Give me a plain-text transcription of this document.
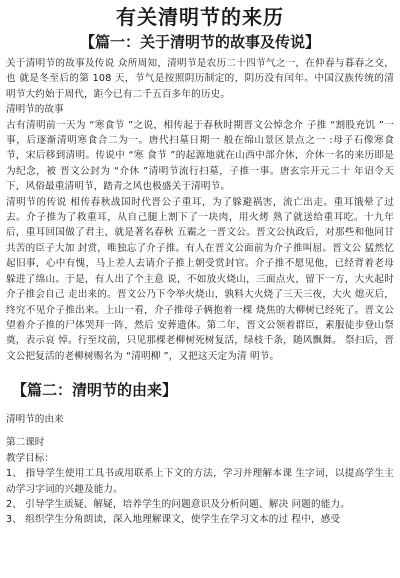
有关清明节的来历
【篇一：关于清明节的故事及传说】

关于清明节的故事及传说 众所周知，清明节是农历二十四节气之一，在仲春与暮春之交，也 就是冬至后的第 108 天，节气是按照阴历制定的，阴历没有闰年。中国汉族传统的清明节大约始于周代，距今已有二千五百多年的历史。

清明节的故事

古有清明前一天为 “寒食节 ”之说，相传起于春秋时期晋文公悼念介 子推 “割股充饥 ”一事，后逐渐清明寒食合二为一。唐代扫墓日期一 般在绵山景区景点之一 :母子石像寒食节，宋后移到清明。传说中 “寒 食节 ”的起源地就在山西中部介休，介休一名的来历即是为纪念，被 晋文公封为 “介休 ”清明节流行扫墓，子推一事。唐玄宗开元二十 年诏令天下，风俗最重清明节，踏青之风也极盛关于清明节。

清明节的传说 相传春秋战国时代晋公子重耳，为了躲避祸害，流亡出走。重耳饿晕了过去。介子推为了救重耳，从自己腿上割下了一块肉，用火烤 熟了就送给重耳吃。十九年后，重耳回国做了君主，就是著名春秋 五霸之一晋文公。晋文公执政后，对那些和他同甘共苦的臣子大加 封赏，唯独忘了介子推。有人在晋文公面前为介子推叫屈。晋文公 猛然忆起旧事，心中有愧，马上差人去请介子推上朝受赏封官。介子推不愿见他，已经背着老母躲进了绵山。于是，有人出了个主意 说，不如放火烧山，三面点火，留下一方，大火起时介子推会自己 走出来的。晋文公乃下令举火烧山，孰料大火烧了三天三夜，大火 熄灭后，终究不见介子推出来。上山一看，介子推母子俩抱着一棵 烧焦的大柳树已经死了。晋文公望着介子推的尸体哭拜一阵，然后 安葬遗体。第二年，晋文公领着群臣，素服徒步登山祭奠，表示哀 悼。行至坟前，只见那棵老柳树死树复活，绿枝千条，随风飘舞。 祭扫后，晋文公把复活的老柳树赐名为 “清明柳 ”，又把这天定为清 明节。

【篇二：清明节的由来】

清明节的由来

第二课时

教学目标：

1、 指导学生使用工具书或用联系上下文的方法，学习并理解本课 生字词，以提高学生主动学习字词的兴趣及能力。

2、 引导学生质疑、解疑，培养学生的问题意识及分析问题、解决 问题的能力。

3、 组织学生分角朗读，深入地理解课文，使学生在学习文本的过 程中，感受
